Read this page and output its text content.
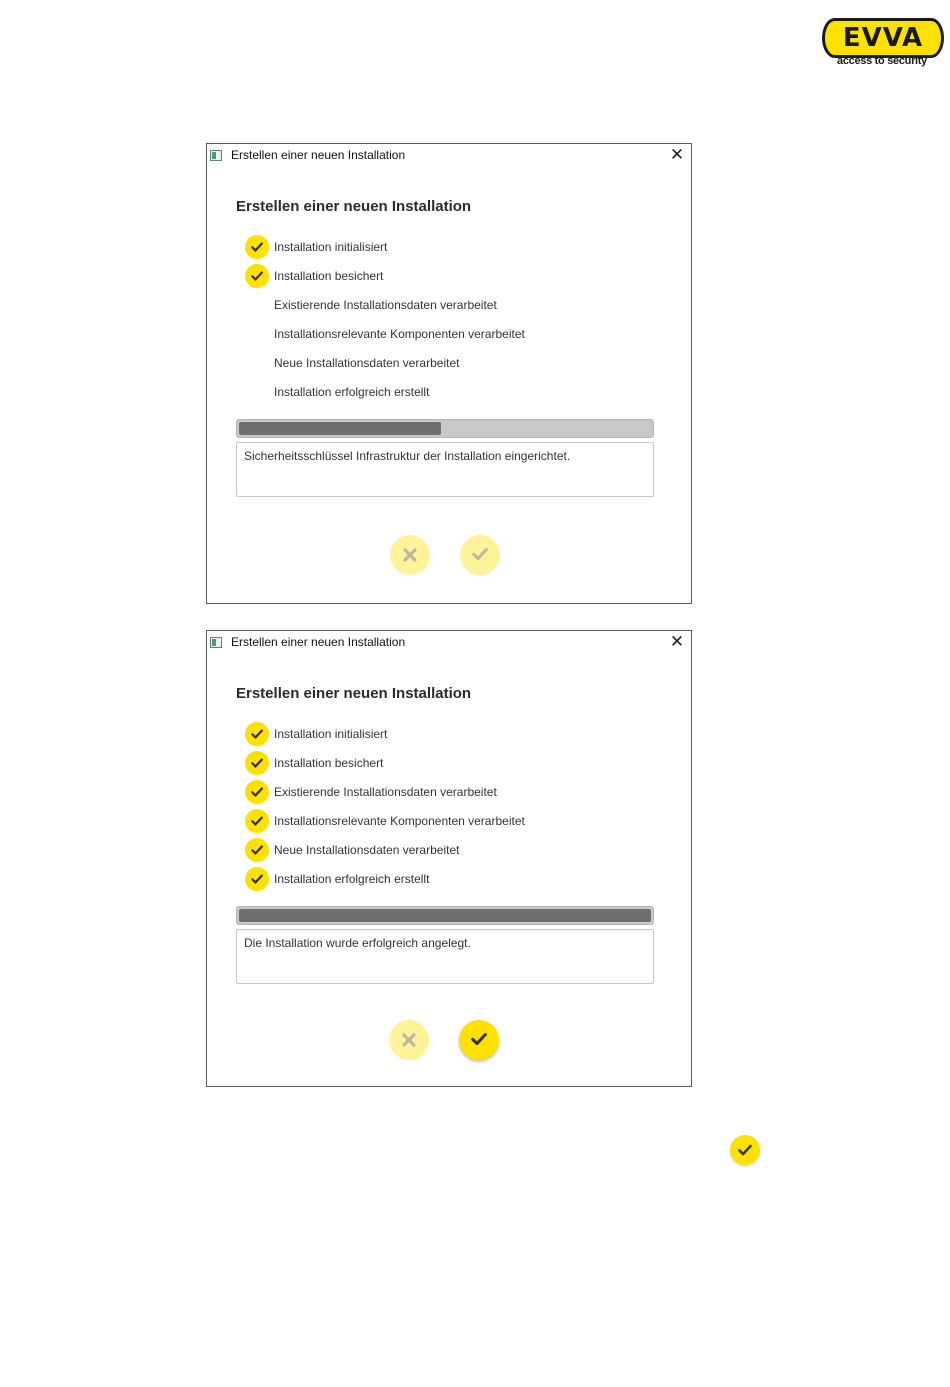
EVVA
access to security
Erstellen einer neuen Installation	✕
Erstellen einer neuen Installation
Installation initialisiert
Installation besichert
Existierende Installationsdaten verarbeitet
Installationsrelevante Komponenten verarbeitet
Neue Installationsdaten verarbeitet
Installation erfolgreich erstellt
Sicherheitsschlüssel Infrastruktur der Installation eingerichtet.
Erstellen einer neuen Installation	✕
Erstellen einer neuen Installation
Installation initialisiert
Installation besichert
Existierende Installationsdaten verarbeitet
Installationsrelevante Komponenten verarbeitet
Neue Installationsdaten verarbeitet
Installation erfolgreich erstellt
Die Installation wurde erfolgreich angelegt.
